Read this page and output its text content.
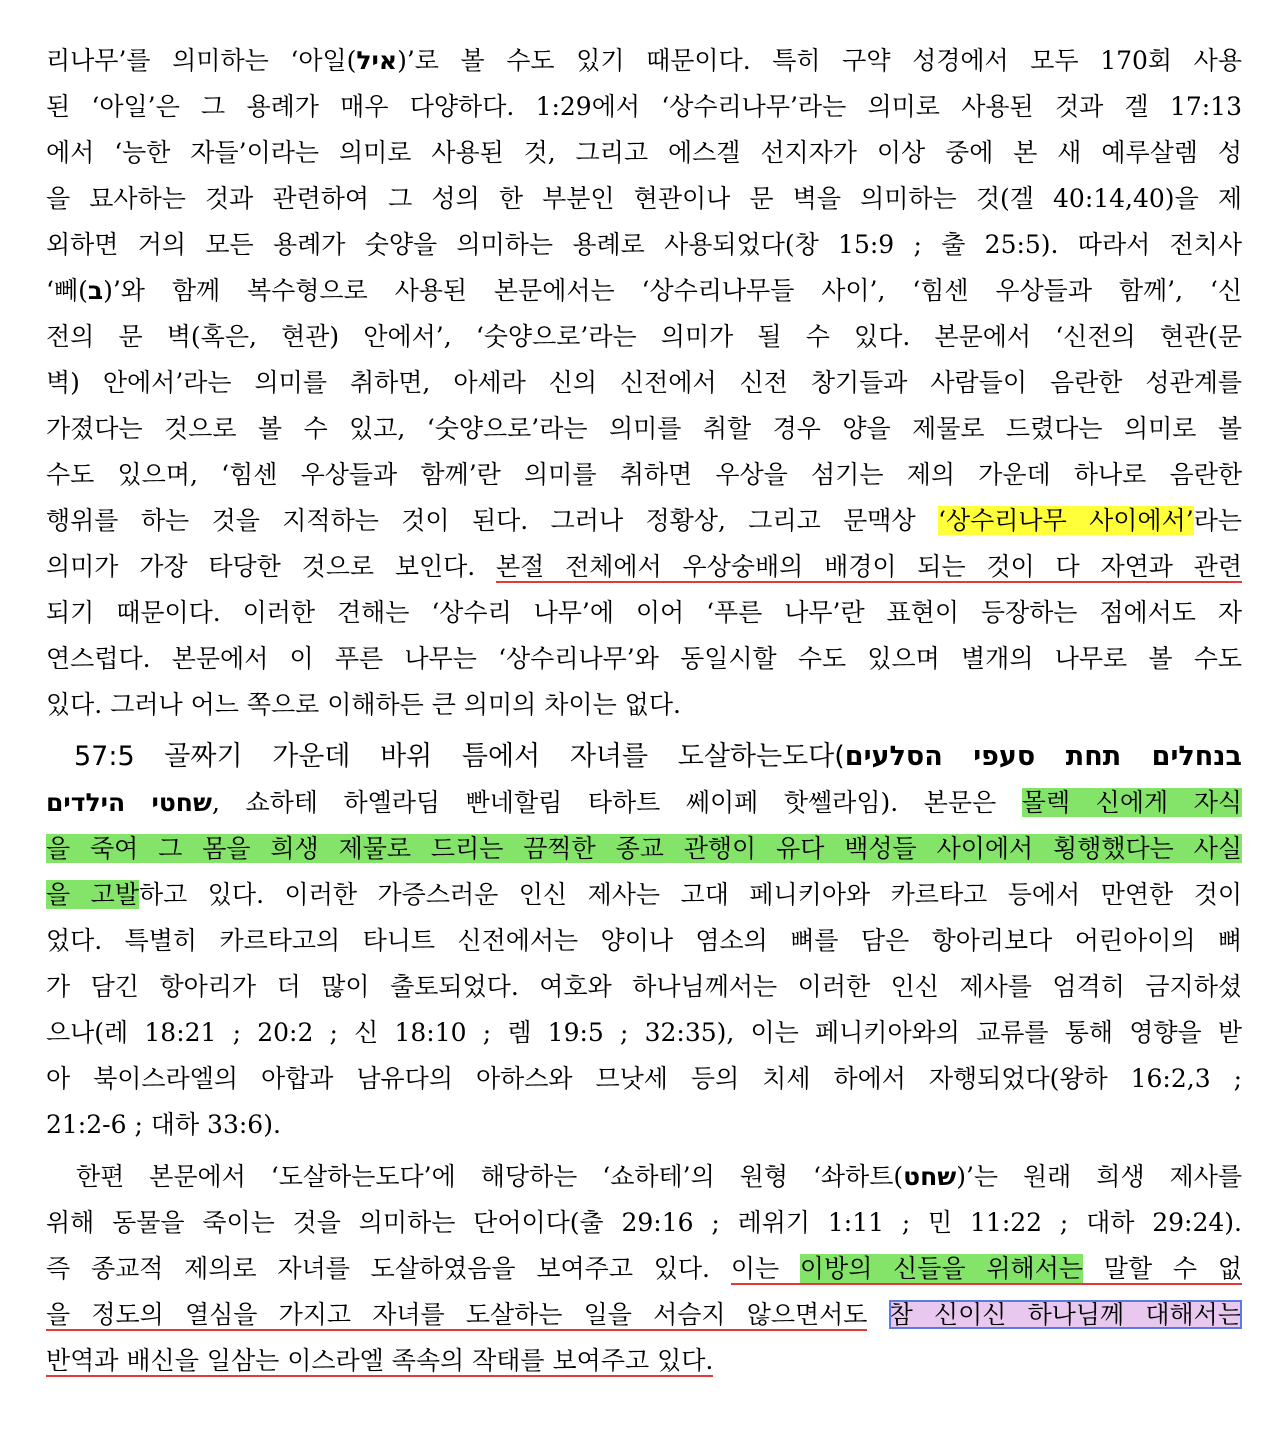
리나무’를 의미하는 ‘아일(איל)’로 볼 수도 있기 때문이다. 특히 구약 성경에서 모두 170회 사용
된 ‘아일’은 그 용례가 매우 다양하다. 1:29에서 ‘상수리나무’라는 의미로 사용된 것과 겔 17:13
에서 ‘능한 자들’이라는 의미로 사용된 것, 그리고 에스겔 선지자가 이상 중에 본 새 예루살렘 성
을 묘사하는 것과 관련하여 그 성의 한 부분인 현관이나 문 벽을 의미하는 것(겔 40:14,40)을 제
외하면 거의 모든 용례가 숫양을 의미하는 용례로 사용되었다(창 15:9 ; 출 25:5). 따라서 전치사
‘뻬(ב)’와 함께 복수형으로 사용된 본문에서는 ‘상수리나무들 사이’, ‘힘센 우상들과 함께’, ‘신
전의 문 벽(혹은, 현관) 안에서’, ‘숫양으로’라는 의미가 될 수 있다. 본문에서 ‘신전의 현관(문
벽) 안에서’라는 의미를 취하면, 아세라 신의 신전에서 신전 창기들과 사람들이 음란한 성관계를
가졌다는 것으로 볼 수 있고, ‘숫양으로’라는 의미를 취할 경우 양을 제물로 드렸다는 의미로 볼
수도 있으며, ‘힘센 우상들과 함께’란 의미를 취하면 우상을 섬기는 제의 가운데 하나로 음란한
행위를 하는 것을 지적하는 것이 된다. 그러나 정황상, 그리고 문맥상 ‘상수리나무 사이에서’라는
의미가 가장 타당한 것으로 보인다. 본절 전체에서 우상숭배의 배경이 되는 것이 다 자연과 관련
되기 때문이다. 이러한 견해는 ‘상수리 나무’에 이어 ‘푸른 나무’란 표현이 등장하는 점에서도 자
연스럽다. 본문에서 이 푸른 나무는 ‘상수리나무’와 동일시할 수도 있으며 별개의 나무로 볼 수도
있다. 그러나 어느 쪽으로 이해하든 큰 의미의 차이는 없다.
57:5 골짜기 가운데 바위 틈에서 자녀를 도살하는도다(בנחלים תחת סעפי הסלעים
שחטי הילדים, 쇼하테 하옐라딤 빤네할림 타하트 쎄이페 핫쎌라임). 본문은 몰렉 신에게 자식
을 죽여 그 몸을 희생 제물로 드리는 끔찍한 종교 관행이 유다 백성들 사이에서 횡행했다는 사실
을 고발하고 있다. 이러한 가증스러운 인신 제사는 고대 페니키아와 카르타고 등에서 만연한 것이
었다. 특별히 카르타고의 타니트 신전에서는 양이나 염소의 뼈를 담은 항아리보다 어린아이의 뼈
가 담긴 항아리가 더 많이 출토되었다. 여호와 하나님께서는 이러한 인신 제사를 엄격히 금지하셨
으나(레 18:21 ; 20:2 ; 신 18:10 ; 렘 19:5 ; 32:35), 이는 페니키아와의 교류를 통해 영향을 받
아 북이스라엘의 아합과 남유다의 아하스와 므낫세 등의 치세 하에서 자행되었다(왕하 16:2,3 ;
21:2-6 ; 대하 33:6).
한편 본문에서 ‘도살하는도다’에 해당하는 ‘쇼하테’의 원형 ‘솨하트(שחט)’는 원래 희생 제사를
위해 동물을 죽이는 것을 의미하는 단어이다(출 29:16 ; 레위기 1:11 ; 민 11:22 ; 대하 29:24).
즉 종교적 제의로 자녀를 도살하였음을 보여주고 있다. 이는 이방의 신들을 위해서는 말할 수 없
을 정도의 열심을 가지고 자녀를 도살하는 일을 서슴지 않으면서도 참 신이신 하나님께 대해서는
반역과 배신을 일삼는 이스라엘 족속의 작태를 보여주고 있다.
